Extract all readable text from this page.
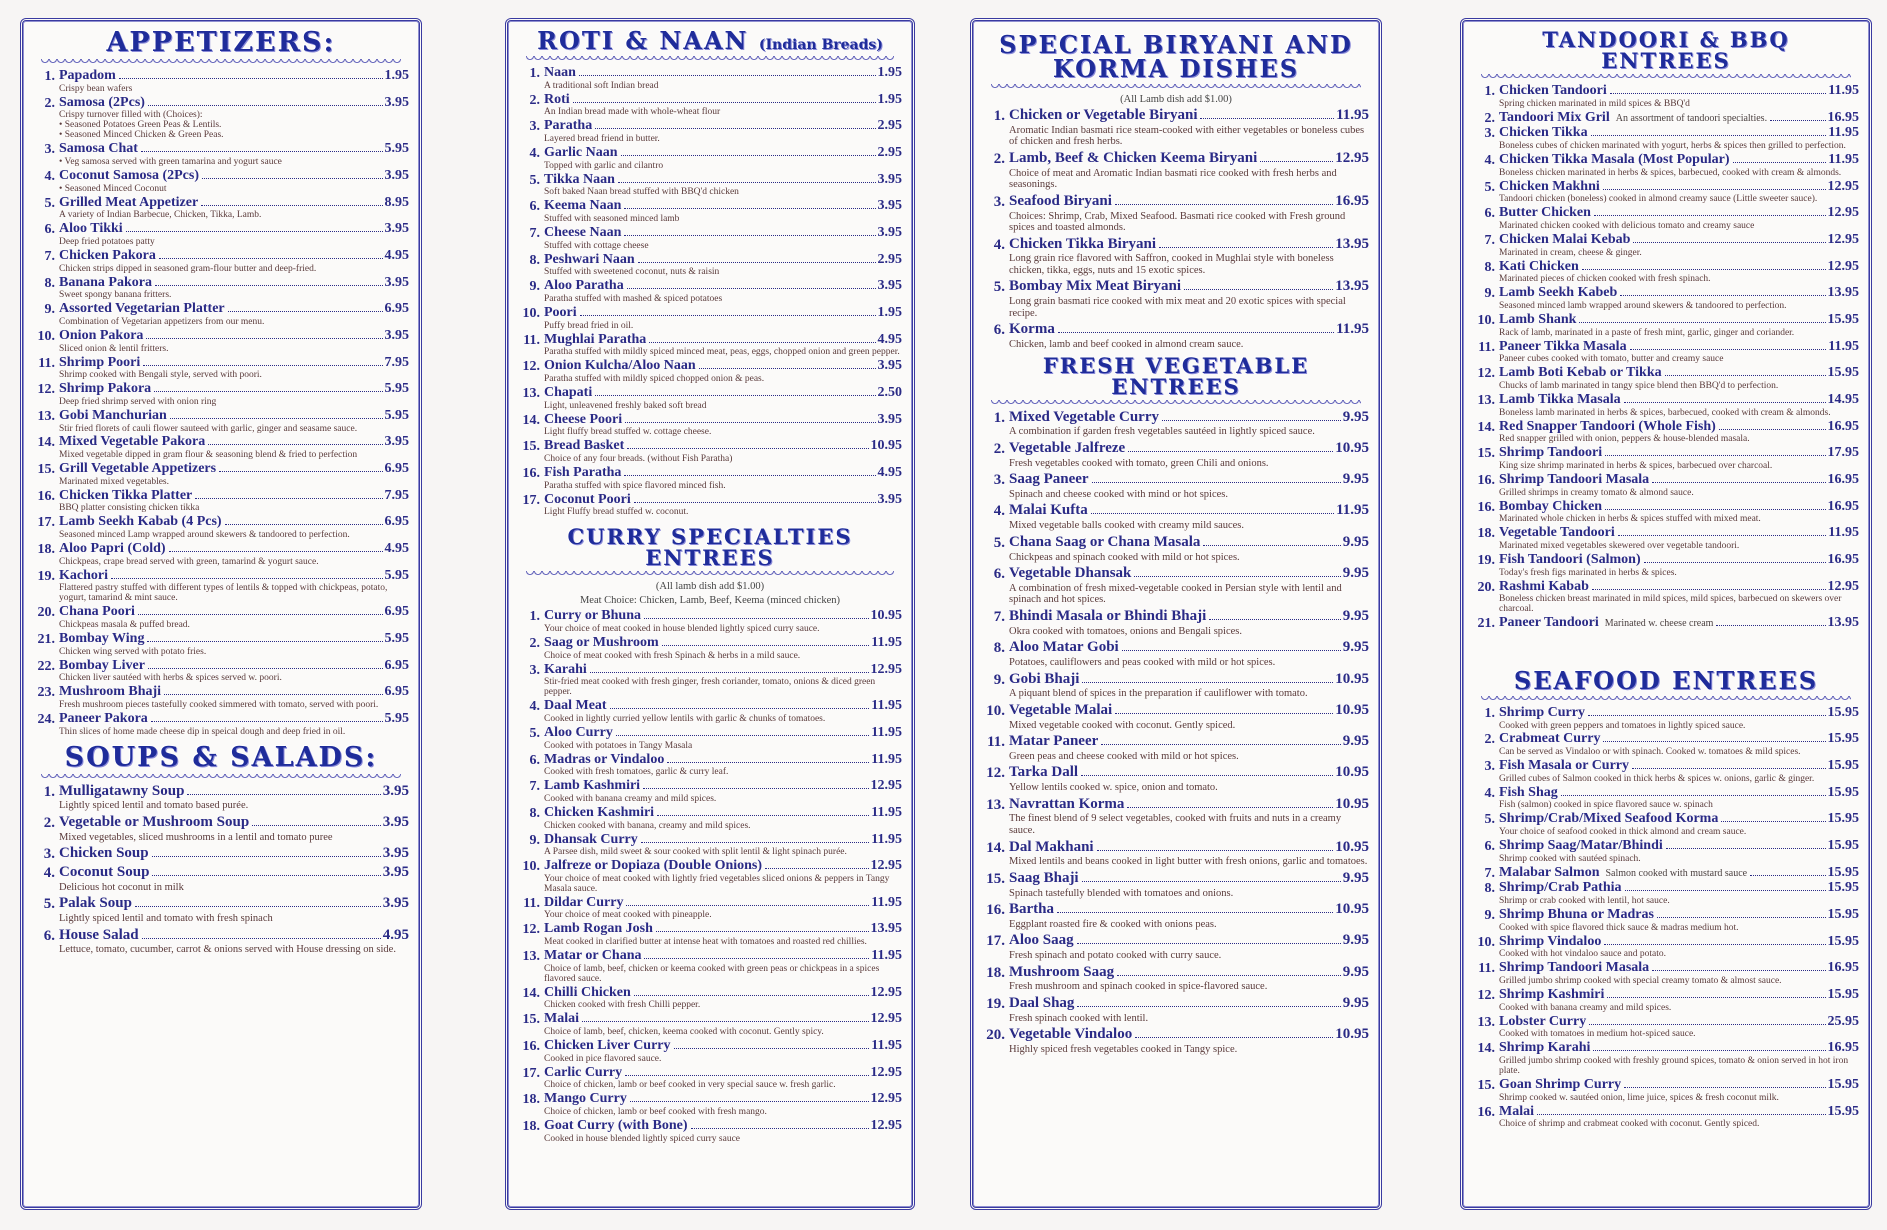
APPETIZERS:
1. Papadom	1.95
Crispy bean wafers
2. Samosa (2Pcs)	3.95
Crispy turnover filled with (Choices):
• Seasoned Potatoes Green Peas & Lentils.
• Seasoned Minced Chicken & Green Peas.
3. Samosa Chat	5.95
• Veg samosa served with green tamarina and yogurt sauce
4. Coconut Samosa (2Pcs)	3.95
• Seasoned Minced Coconut
5. Grilled Meat Appetizer	8.95
A variety of Indian Barbecue, Chicken, Tikka, Lamb.
6. Aloo Tikki	3.95
Deep fried potatoes patty
7. Chicken Pakora	4.95
Chicken strips dipped in seasoned gram-flour butter and deep-fried.
8. Banana Pakora	3.95
Sweet spongy banana fritters.
9. Assorted Vegetarian Platter	6.95
Combination of Vegetarian appetizers from our menu.
10. Onion Pakora	3.95
Sliced onion & lentil fritters.
11. Shrimp Poori	7.95
Shrimp cooked with Bengali style, served with poori.
12. Shrimp Pakora	5.95
Deep fried shrimp served with onion ring
13. Gobi Manchurian	5.95
Stir fried florets of cauli flower sauteed with garlic, ginger and seasame sauce.
14. Mixed Vegetable Pakora	3.95
Mixed vegetable dipped in gram flour & seasoning blend & fried to perfection
15. Grill Vegetable Appetizers	6.95
Marinated mixed vegetables.
16. Chicken Tikka Platter	7.95
BBQ platter consisting chicken tikka
17. Lamb Seekh Kabab (4 Pcs)	6.95
Seasoned minced Lamp wrapped around skewers & tandoored to perfection.
18. Aloo Papri (Cold)	4.95
Chickpeas, crape bread served with green, tamarind & yogurt sauce.
19. Kachori	5.95
Flattered pastry stuffed with different types of lentils & topped with chickpeas, potato, yogurt, tamarind & mint sauce.
20. Chana Poori	6.95
Chickpeas masala & puffed bread.
21. Bombay Wing	5.95
Chicken wing served with potato fries.
22. Bombay Liver	6.95
Chicken liver sautéed with herbs & spices served w. poori.
23. Mushroom Bhaji	6.95
Fresh mushroom pieces tastefully cooked simmered with tomato, served with poori.
24. Paneer Pakora	5.95
Thin slices of home made cheese dip in speical dough and deep fried in oil.
SOUPS & SALADS:
1. Mulligatawny Soup	3.95
Lightly spiced lentil and tomato based purée.
2. Vegetable or Mushroom Soup	3.95
Mixed vegetables, sliced mushrooms in a lentil and tomato puree
3. Chicken Soup	3.95
4. Coconut Soup	3.95
Delicious hot coconut in milk
5. Palak Soup	3.95
Lightly spiced lentil and tomato with fresh spinach
6. House Salad	4.95
Lettuce, tomato, cucumber, carrot & onions served with House dressing on side.
ROTI & NAAN (Indian Breads)
1. Naan	1.95
A traditional soft Indian bread
2. Roti	1.95
An Indian bread made with whole-wheat flour
3. Paratha	2.95
Layered bread friend in butter.
4. Garlic Naan	2.95
Topped with garlic and cilantro
5. Tikka Naan	3.95
Soft baked Naan bread stuffed with BBQ'd chicken
6. Keema Naan	3.95
Stuffed with seasoned minced lamb
7. Cheese Naan	3.95
Stuffed with cottage cheese
8. Peshwari Naan	2.95
Stuffed with sweetened coconut, nuts & raisin
9. Aloo Paratha	3.95
Paratha stuffed with mashed & spiced potatoes
10. Poori	1.95
Puffy bread fried in oil.
11. Mughlai Paratha	4.95
Paratha stuffed with mildly spiced minced meat, peas, eggs, chopped onion and green pepper.
12. Onion Kulcha/Aloo Naan	3.95
Paratha stuffed with mildly spiced chopped onion & peas.
13. Chapati	2.50
Light, unleavened freshly baked soft bread
14. Cheese Poori	3.95
Light fluffy bread stuffed w. cottage cheese.
15. Bread Basket	10.95
Choice of any four breads. (without Fish Paratha)
16. Fish Paratha	4.95
Paratha stuffed with spice flavored minced fish.
17. Coconut Poori	3.95
Light Fluffy bread stuffed w. coconut.
CURRY SPECIALTIES ENTREES
(All lamb dish add $1.00)
Meat Choice: Chicken, Lamb, Beef, Keema (minced chicken)
1. Curry or Bhuna	10.95
Your choice of meat cooked in house blended lightly spiced curry sauce.
2. Saag or Mushroom	11.95
Choice of meat cooked with fresh Spinach & herbs in a mild sauce.
3. Karahi	12.95
Stir-fried meat cooked with fresh ginger, fresh coriander, tomato, onions & diced green pepper.
4. Daal Meat	11.95
Cooked in lightly curried yellow lentils with garlic & chunks of tomatoes.
5. Aloo Curry	11.95
Cooked with potatoes in Tangy Masala
6. Madras or Vindaloo	11.95
Cooked with fresh tomatoes, garlic & curry leaf.
7. Lamb Kashmiri	12.95
Cooked with banana creamy and mild spices.
8. Chicken Kashmiri	11.95
Chicken cooked with banana, creamy and mild spices.
9. Dhansak Curry	11.95
A Parsee dish, mild sweet & sour cooked with split lentil & light spinach purée.
10. Jalfreze or Dopiaza (Double Onions)	12.95
Your choice of meat cooked with lightly fried vegetables sliced onions & peppers in Tangy Masala sauce.
11. Dildar Curry	11.95
Your choice of meat cooked with pineapple.
12. Lamb Rogan Josh	13.95
Meat cooked in clarified butter at intense heat with tomatoes and roasted red chillies.
13. Matar or Chana	11.95
Choice of lamb, beef, chicken or keema cooked with green peas or chickpeas in a spices flavored sauce.
14. Chilli Chicken	12.95
Chicken cooked with fresh Chilli pepper.
15. Malai	12.95
Choice of lamb, beef, chicken, keema cooked with coconut. Gently spicy.
16. Chicken Liver Curry	11.95
Cooked in pice flavored sauce.
17. Carlic Curry	12.95
Choice of chicken, lamb or beef cooked in very special sauce w. fresh garlic.
18. Mango Curry	12.95
Choice of chicken, lamb or beef cooked with fresh mango.
18. Goat Curry (with Bone)	12.95
Cooked in house blended lightly spiced curry sauce
SPECIAL BIRYANI AND KORMA DISHES
(All Lamb dish add $1.00)
1. Chicken or Vegetable Biryani	11.95
Aromatic Indian basmati rice steam-cooked with either vegetables or boneless cubes of chicken and fresh herbs.
2. Lamb, Beef & Chicken Keema Biryani	12.95
Choice of meat and Aromatic Indian basmati rice cooked with fresh herbs and seasonings.
3. Seafood Biryani	16.95
Choices: Shrimp, Crab, Mixed Seafood. Basmati rice cooked with Fresh ground spices and toasted almonds.
4. Chicken Tikka Biryani	13.95
Long grain rice flavored with Saffron, cooked in Mughlai style with boneless chicken, tikka, eggs, nuts and 15 exotic spices.
5. Bombay Mix Meat Biryani	13.95
Long grain basmati rice cooked with mix meat and 20 exotic spices with special recipe.
6. Korma	11.95
Chicken, lamb and beef cooked in almond cream sauce.
FRESH VEGETABLE ENTREES
1. Mixed Vegetable Curry	9.95
A combination if garden fresh vegetables sautéed in lightly spiced sauce.
2. Vegetable Jalfreze	10.95
Fresh vegetables cooked with tomato, green Chili and onions.
3. Saag Paneer	9.95
Spinach and cheese cooked with mind or hot spices.
4. Malai Kufta	11.95
Mixed vegetable balls cooked with creamy mild sauces.
5. Chana Saag or Chana Masala	9.95
Chickpeas and spinach cooked with mild or hot spices.
6. Vegetable Dhansak	9.95
A combination of fresh mixed-vegetable cooked in Persian style with lentil and spinach and hot spices.
7. Bhindi Masala or Bhindi Bhaji	9.95
Okra cooked with tomatoes, onions and Bengali spices.
8. Aloo Matar Gobi	9.95
Potatoes, cauliflowers and peas cooked with mild or hot spices.
9. Gobi Bhaji	10.95
A piquant blend of spices in the preparation if cauliflower with tomato.
10. Vegetable Malai	10.95
Mixed vegetable cooked with coconut. Gently spiced.
11. Matar Paneer	9.95
Green peas and cheese cooked with mild or hot spices.
12. Tarka Dall	10.95
Yellow lentils cooked w. spice, onion and tomato.
13. Navrattan Korma	10.95
The finest blend of 9 select vegetables, cooked with fruits and nuts in a creamy sauce.
14. Dal Makhani	10.95
Mixed lentils and beans cooked in light butter with fresh onions, garlic and tomatoes.
15. Saag Bhaji	9.95
Spinach tastefully blended with tomatoes and onions.
16. Bartha	10.95
Eggplant roasted fire & cooked with onions peas.
17. Aloo Saag	9.95
Fresh spinach and potato cooked with curry sauce.
18. Mushroom Saag	9.95
Fresh mushroom and spinach cooked in spice-flavored sauce.
19. Daal Shag	9.95
Fresh spinach cooked with lentil.
20. Vegetable Vindaloo	10.95
Highly spiced fresh vegetables cooked in Tangy spice.
TANDOORI & BBQ ENTREES
1. Chicken Tandoori	11.95
Spring chicken marinated in mild spices & BBQ'd
2. Tandoori Mix Gril An assortment of tandoori specialties.	16.95
3. Chicken Tikka	11.95
Boneless cubes of chicken marinated with yogurt, herbs & spices then grilled to perfection.
4. Chicken Tikka Masala (Most Popular)	11.95
Boneless chicken marinated in herbs & spices, barbecued, cooked with cream & almonds.
5. Chicken Makhni	12.95
Tandoori chicken (boneless) cooked in almond creamy sauce (Little sweeter sauce).
6. Butter Chicken	12.95
Marinated chicken cooked with delicious tomato and creamy sauce
7. Chicken Malai Kebab	12.95
Marinated in cream, cheese & ginger.
8. Kati Chicken	12.95
Marinated pieces of chicken cooked with fresh spinach.
9. Lamb Seekh Kabeb	13.95
Seasoned minced lamb wrapped around skewers & tandoored to perfection.
10. Lamb Shank	15.95
Rack of lamb, marinated in a paste of fresh mint, garlic, ginger and coriander.
11. Paneer Tikka Masala	11.95
Paneer cubes cooked with tomato, butter and creamy sauce
12. Lamb Boti Kebab or Tikka	15.95
Chucks of lamb marinated in tangy spice blend then BBQ'd to perfection.
13. Lamb Tikka Masala	14.95
Boneless lamb marinated in herbs & spices, barbecued, cooked with cream & almonds.
14. Red Snapper Tandoori (Whole Fish)	16.95
Red snapper grilled with onion, peppers & house-blended masala.
15. Shrimp Tandoori	17.95
King size shrimp marinated in herbs & spices, barbecued over charcoal.
16. Shrimp Tandoori Masala	16.95
Grilled shrimps in creamy tomato & almond sauce.
16. Bombay Chicken	16.95
Marinated whole chicken in herbs & spices stuffed with mixed meat.
18. Vegetable Tandoori	11.95
Marinated mixed vegetables skewered over vegetable tandoori.
19. Fish Tandoori (Salmon)	16.95
Today's fresh figs marinated in herbs & spices.
20. Rashmi Kabab	12.95
Boneless chicken breast marinated in mild spices, mild spices, barbecued on skewers over charcoal.
21. Paneer Tandoori Marinated w. cheese cream	13.95
SEAFOOD ENTREES
1. Shrimp Curry	15.95
Cooked with green peppers and tomatoes in lightly spiced sauce.
2. Crabmeat Curry	15.95
Can be served as Vindaloo or with spinach. Cooked w. tomatoes & mild spices.
3. Fish Masala or Curry	15.95
Grilled cubes of Salmon cooked in thick herbs & spices w. onions, garlic & ginger.
4. Fish Shag	15.95
Fish (salmon) cooked in spice flavored sauce w. spinach
5. Shrimp/Crab/Mixed Seafood Korma	15.95
Your choice of seafood cooked in thick almond and cream sauce.
6. Shrimp Saag/Matar/Bhindi	15.95
Shrimp cooked with sautéed spinach.
7. Malabar Salmon Salmon cooked with mustard sauce	15.95
8. Shrimp/Crab Pathia	15.95
Shrimp or crab cooked with lentil, hot sauce.
9. Shrimp Bhuna or Madras	15.95
Cooked with spice flavored thick sauce & madras medium hot.
10. Shrimp Vindaloo	15.95
Cooked with hot vindaloo sauce and potato.
11. Shrimp Tandoori Masala	16.95
Grilled jumbo shrimp cooked with special creamy tomato & almost sauce.
12. Shrimp Kashmiri	15.95
Cooked with banana creamy and mild spices.
13. Lobster Curry	25.95
Cooked with tomatoes in medium hot-spiced sauce.
14. Shrimp Karahi	16.95
Grilled jumbo shrimp cooked with freshly ground spices, tomato & onion served in hot iron plate.
15. Goan Shrimp Curry	15.95
Shrimp cooked w. sautéed onion, lime juice, spices & fresh coconut milk.
16. Malai	15.95
Choice of shrimp and crabmeat cooked with coconut. Gently spiced.
